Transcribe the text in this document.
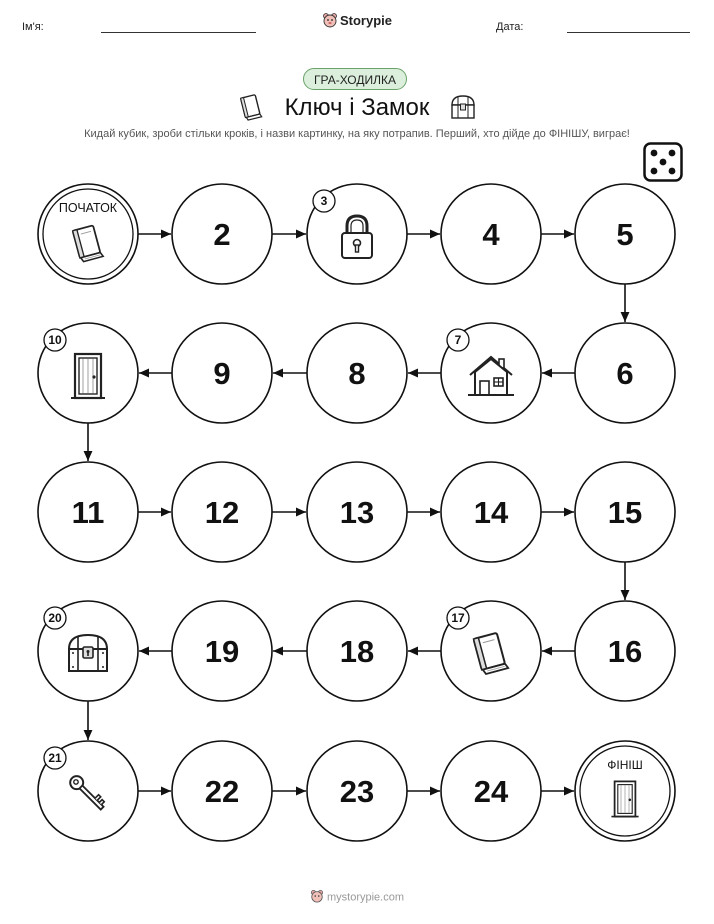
Ім'я:	Дата:
Storypie
ГРА-ХОДИЛКА
Ключ і Замок
Кидай кубик, зроби стільки кроків, і назви картинку, на яку потрапив. Перший, хто дійде до ФІНІШУ, виграє!
ПОЧАТОК
2
3
4	5
6
7
8
9
10
11	12	13	14	15
16
17
18
19
20
21
22	23	24
ФІНІШ
mystorypie.com
